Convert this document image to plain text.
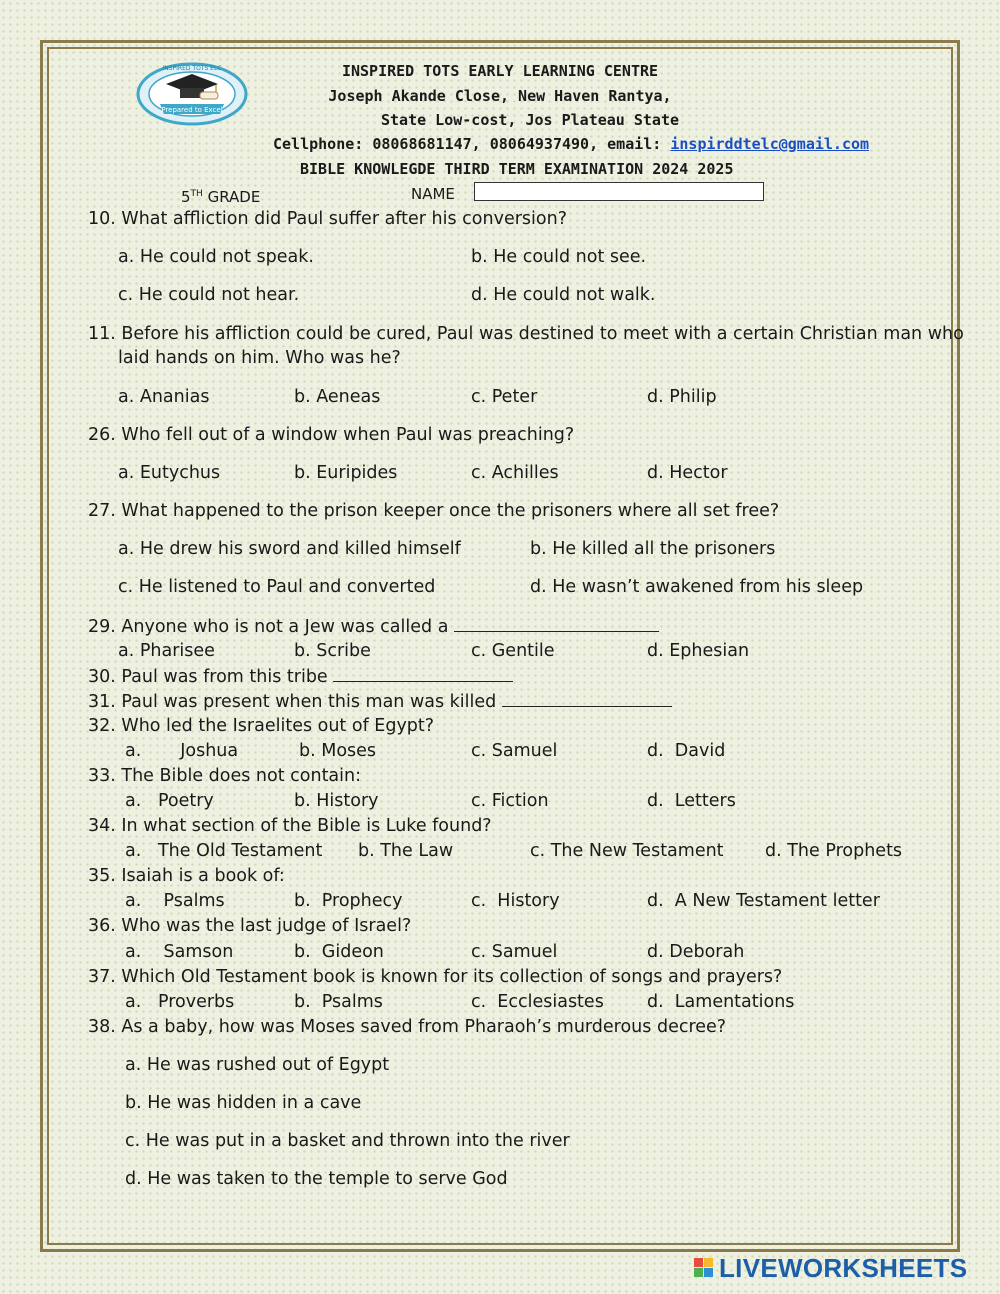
Prepared to Excel
INSPIRED TOTS ELC	INSPIRED TOTS EARLY LEARNING CENTRE
Joseph Akande Close, New Haven Rantya,
State Low-cost, Jos Plateau State
Cellphone: 08068681147, 08064937490, email: inspirddtelc@gmail.com
BIBLE KNOWLEGDE THIRD TERM EXAMINATION 2024 2025
5TH GRADE	NAME
10. What affliction did Paul suffer after his conversion?
a. He could not speak.	b. He could not see.
c. He could not hear.	d. He could not walk.
11. Before his affliction could be cured, Paul was destined to meet with a certain Christian man who
laid hands on him. Who was he?
a. Ananias	b. Aeneas	c. Peter	d. Philip
26. Who fell out of a window when Paul was preaching?
a. Eutychus	b. Euripides	c. Achilles	d. Hector
27. What happened to the prison keeper once the prisoners where all set free?
a. He drew his sword and killed himself	b. He killed all the prisoners
c. He listened to Paul and converted	d. He wasn’t awakened from his sleep
29. Anyone who is not a Jew was called a
a. Pharisee	b. Scribe	c. Gentile	d. Ephesian
30. Paul was from this tribe
31. Paul was present when this man was killed
32. Who led the Israelites out of Egypt?
a.       Joshua	b. Moses	c. Samuel	d.  David
33. The Bible does not contain:
a.   Poetry	b. History	c. Fiction	d.  Letters
34. In what section of the Bible is Luke found?
a.   The Old Testament b. The Law	c. The New Testament d. The Prophets
35. Isaiah is a book of:
a.    Psalms	b.  Prophecy	c.  History	d.  A New Testament letter
36. Who was the last judge of Israel?
a.    Samson	b.  Gideon	c. Samuel	d. Deborah
37. Which Old Testament book is known for its collection of songs and prayers?
a.   Proverbs	b.  Psalms	c.  Ecclesiastes d.  Lamentations
38. As a baby, how was Moses saved from Pharaoh’s murderous decree?
a. He was rushed out of Egypt
b. He was hidden in a cave
c. He was put in a basket and thrown into the river
d. He was taken to the temple to serve God
LIVEWORKSHEETS
